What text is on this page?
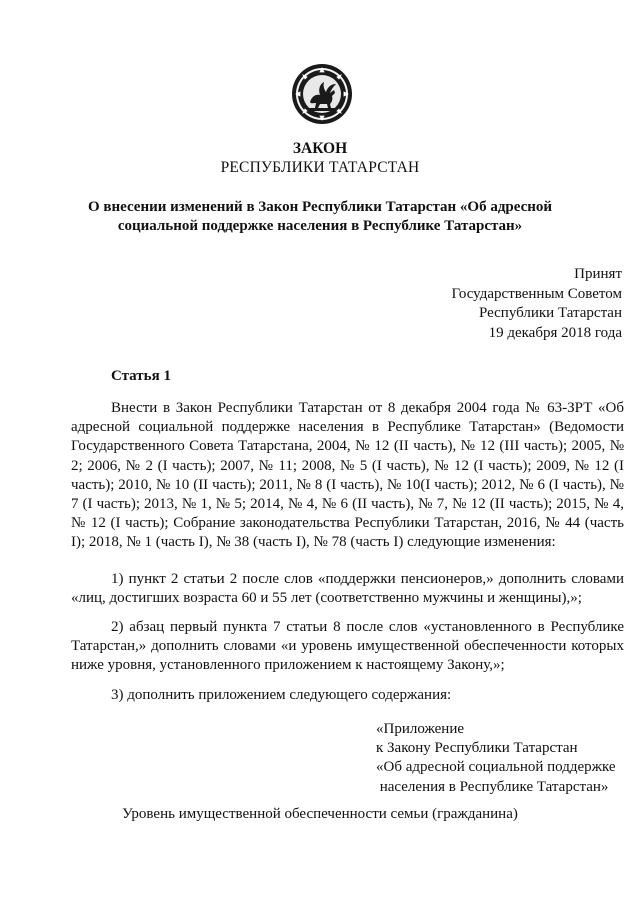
ЗАКОН
РЕСПУБЛИКИ ТАТАРСТАН
О внесении изменений в Закон Республики Татарстан «Об адресной
социальной поддержке населения в Республике Татарстан»
Принят
Государственным Советом
Республики Татарстан
19 декабря 2018 года
Статья 1
Внести в Закон Республики Татарстан от 8 декабря 2004 года № 63-ЗРТ «Об адресной социальной поддержке населения в Республике Татарстан» (Ведомости Государственного Совета Татарстана, 2004, № 12 (II часть), № 12 (III часть); 2005, № 2; 2006, № 2 (I часть); 2007, № 11; 2008, № 5 (I часть), № 12 (I часть); 2009, № 12 (I часть); 2010, № 10 (II часть); 2011, № 8 (I часть), № 10(I часть); 2012, № 6 (I часть), № 7 (I часть); 2013, № 1, № 5; 2014, № 4, № 6 (II часть), № 7, № 12 (II часть); 2015, № 4, № 12 (I часть); Собрание законодательства Республики Татарстан, 2016, № 44 (часть I); 2018, № 1 (часть I), № 38 (часть I), № 78 (часть I) следующие изменения:
1) пункт 2 статьи 2 после слов «поддержки пенсионеров,» дополнить словами «лиц, достигших возраста 60 и 55 лет (соответственно мужчины и женщины),»;
2) абзац первый пункта 7 статьи 8 после слов «установленного в Республике Татарстан,» дополнить словами «и уровень имущественной обеспеченности которых ниже уровня, установленного приложением к настоящему Закону,»;
3) дополнить приложением следующего содержания:
«Приложение
к Закону Республики Татарстан
«Об адресной социальной поддержке
населения в Республике Татарстан»
Уровень имущественной обеспеченности семьи (гражданина)
